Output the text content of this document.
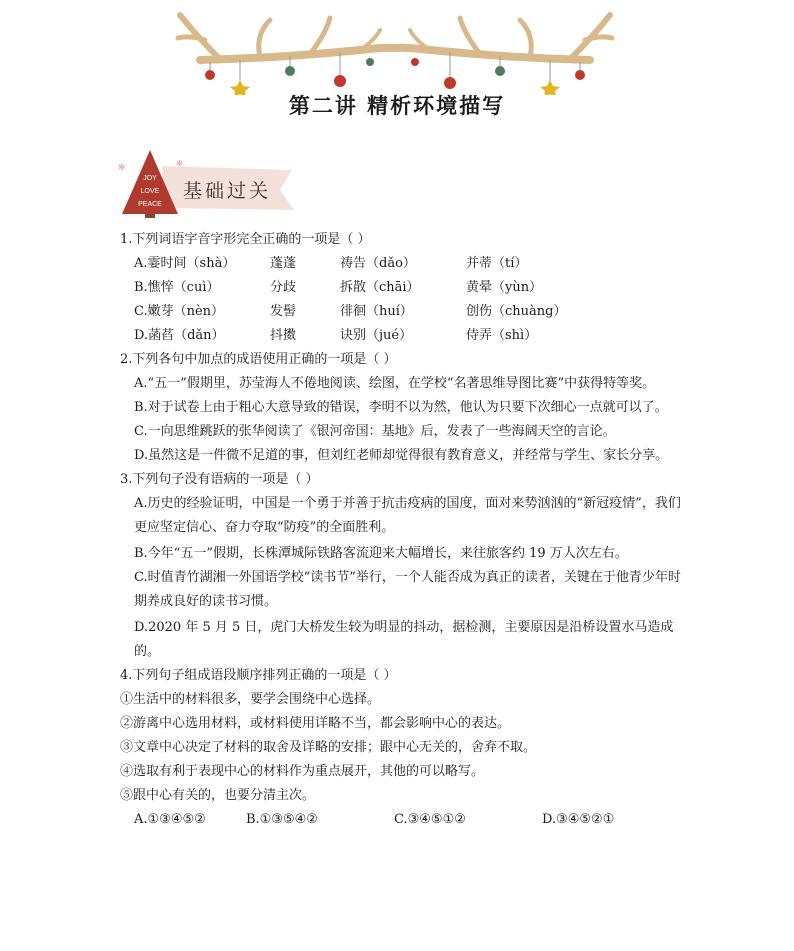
第二讲 精析环境描写
JOY
LOVE
PEACE
✻	✻
基础过关
1.下列词语字音字形完全正确的一项是（ ）
A.霎时间（shà）	蓬蓬	祷告（dǎo）	并蒂（tí）
B.憔悴（cuì）	分歧	拆散（chāi）	黄晕（yùn）
C.嫩芽（nèn）	发髻	徘徊（huí）	创伤（chuàng）
D.菡萏（dǎn）	抖擞	诀别（jué）	侍弄（shì）
2.下列各句中加点的成语使用正确的一项是（ ）
A.“五一”假期里，苏莹海人不倦地阅读、绘图，在学校“名著思维导图比赛”中获得特等奖。
B.对于试卷上由于粗心大意导致的错误，李明不以为然，他认为只要下次细心一点就可以了。
C.一向思维跳跃的张华阅读了《银河帝国：基地》后，发表了一些海阔天空的言论。
D.虽然这是一件微不足道的事，但刘红老师却觉得很有教育意义，并经常与学生、家长分享。
3.下列句子没有语病的一项是（ ）
A.历史的经验证明，中国是一个勇于并善于抗击疫病的国度，面对来势汹汹的“新冠疫情”，我们更应坚定信心、奋力夺取“防疫”的全面胜利。
B.今年“五一”假期，长株潭城际铁路客流迎来大幅增长，来往旅客约 19 万人次左右。
C.时值青竹湖湘一外国语学校“读书节”举行，一个人能否成为真正的读者，关键在于他青少年时期养成良好的读书习惯。
D.2020 年 5 月 5 日，虎门大桥发生较为明显的抖动，据检测，主要原因是沿桥设置水马造成的。
4.下列句子组成语段顺序排列正确的一项是（ ）
①生活中的材料很多，要学会围绕中心选择。
②游离中心选用材料，或材料使用详略不当，都会影响中心的表达。
③文章中心决定了材料的取舍及详略的安排；跟中心无关的，舍弃不取。
④选取有利于表现中心的材料作为重点展开，其他的可以略写。
⑤跟中心有关的，也要分清主次。
A.①③④⑤②	B.①③⑤④②	C.③④⑤①②	D.③④⑤②①
